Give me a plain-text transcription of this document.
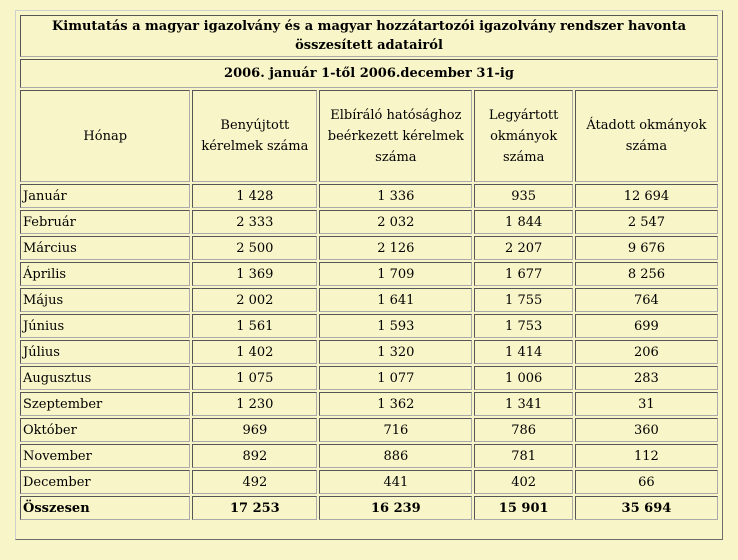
Kimutatás a magyar igazolvány és a magyar hozzátartozói igazolvány rendszer havonta összesített adatairól				
2006. január 1-től 2006.december 31-ig				
Hónap	Benyújtott kérelmek száma	Elbíráló hatósághoz beérkezett kérelmek száma	Legyártott okmányok száma	Átadott okmányok száma
Január	1 428	1 336	935	12 694
Február	2 333	2 032	1 844	2 547
Március	2 500	2 126	2 207	9 676
Április	1 369	1 709	1 677	8 256
Május	2 002	1 641	1 755	764
Június	1 561	1 593	1 753	699
Július	1 402	1 320	1 414	206
Augusztus	1 075	1 077	1 006	283
Szeptember	1 230	1 362	1 341	31
Október	969	716	786	360
November	892	886	781	112
December	492	441	402	66
Összesen	17 253	16 239	15 901	35 694
